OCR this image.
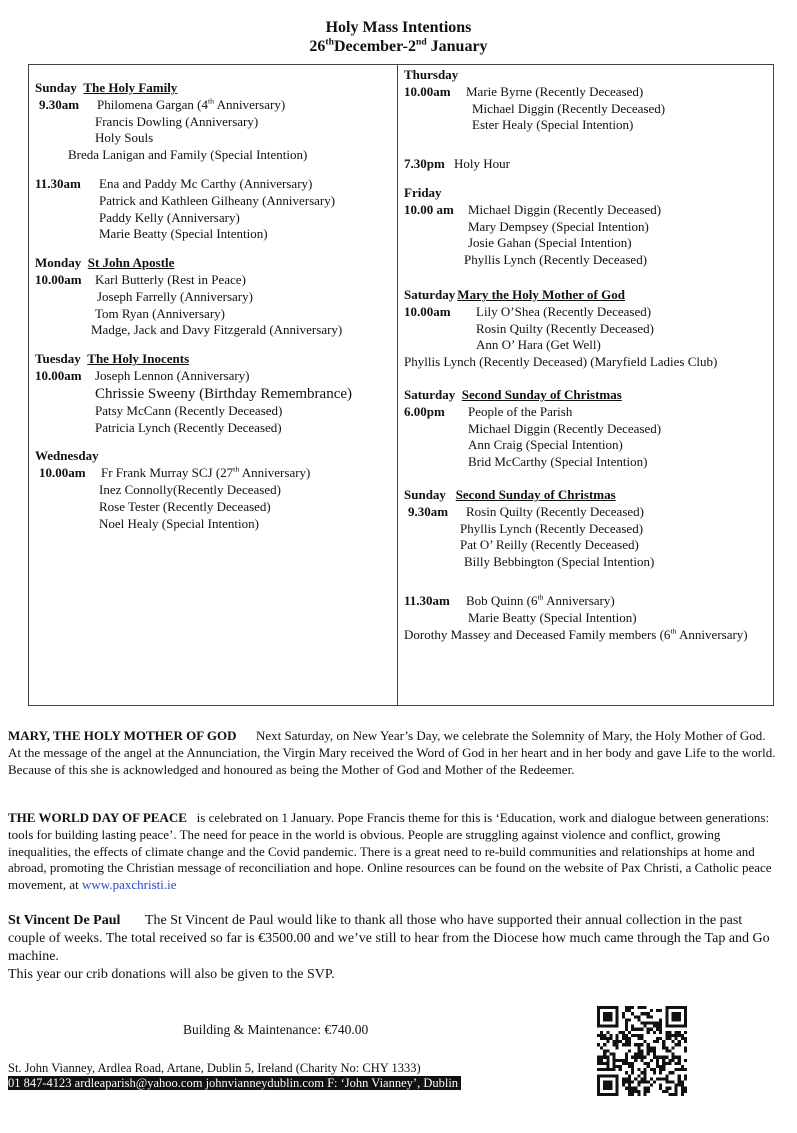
Holy Mass Intentions
26thDecember-2nd January
Sunday The Holy Family
9.30am Philomena Gargan (4th Anniversary)
Francis Dowling (Anniversary)
Holy Souls
Breda Lanigan and Family (Special Intention)
11.30am Ena and Paddy Mc Carthy (Anniversary)
Patrick and Kathleen Gilheany (Anniversary)
Paddy Kelly (Anniversary)
Marie Beatty (Special Intention)
Monday St John Apostle
10.00am Karl Butterly (Rest in Peace)
Joseph Farrelly (Anniversary)
Tom Ryan (Anniversary)
Madge, Jack and Davy Fitzgerald (Anniversary)
Tuesday The Holy Inocents
10.00am Joseph Lennon (Anniversary)
Chrissie Sweeny (Birthday Remembrance)
Patsy McCann (Recently Deceased)
Patricia Lynch (Recently Deceased)
Wednesday
10.00am Fr Frank Murray SCJ (27th Anniversary)
Inez Connolly(Recently Deceased)
Rose Tester (Recently Deceased)
Noel Healy (Special Intention)
Thursday
10.00am Marie Byrne (Recently Deceased)
Michael Diggin (Recently Deceased)
Ester Healy (Special Intention)
7.30pm Holy Hour
Friday
10.00 am Michael Diggin (Recently Deceased)
Mary Dempsey (Special Intention)
Josie Gahan (Special Intention)
Phyllis Lynch (Recently Deceased)
Saturday Mary the Holy Mother of God
10.00am Lily O’Shea (Recently Deceased)
Rosin Quilty (Recently Deceased)
Ann O’ Hara (Get Well)
Phyllis Lynch (Recently Deceased) (Maryfield Ladies Club)
Saturday Second Sunday of Christmas
6.00pm People of the Parish
Michael Diggin (Recently Deceased)
Ann Craig (Special Intention)
Brid McCarthy (Special Intention)
Sunday Second Sunday of Christmas
9.30am Rosin Quilty (Recently Deceased)
Phyllis Lynch (Recently Deceased)
Pat O’ Reilly (Recently Deceased)
Billy Bebbington (Special Intention)
11.30am Bob Quinn (6th Anniversary)
Marie Beatty (Special Intention)
Dorothy Massey and Deceased Family members (6th Anniversary)
MARY, THE HOLY MOTHER OF GOD Next Saturday, on New Year’s Day, we celebrate the Solemnity of Mary, the Holy Mother of God. At the message of the angel at the Annunciation, the Virgin Mary received the Word of God in her heart and in her body and gave Life to the world. Because of this she is acknowledged and honoured as being the Mother of God and Mother of the Redeemer.
THE WORLD DAY OF PEACE is celebrated on 1 January. Pope Francis theme for this is ‘Education, work and dialogue between generations: tools for building lasting peace’. The need for peace in the world is obvious. People are struggling against violence and conflict, growing inequalities, the effects of climate change and the Covid pandemic. There is a great need to re-build communities and relationships at home and abroad, promoting the Christian message of reconciliation and hope. Online resources can be found on the website of Pax Christi, a Catholic peace movement, at www.paxchristi.ie
St Vincent De Paul The St Vincent de Paul would like to thank all those who have supported their annual collection in the past couple of weeks. The total received so far is €3500.00 and we’ve still to hear from the Diocese how much came through the Tap and Go machine.
This year our crib donations will also be given to the SVP.
Building & Maintenance: €740.00
St. John Vianney, Ardlea Road, Artane, Dublin 5, Ireland (Charity No: CHY 1333)
01 847-4123 ardleaparish@yahoo.com johnvianneydublin.com F: ‘John Vianney’, Dublin
